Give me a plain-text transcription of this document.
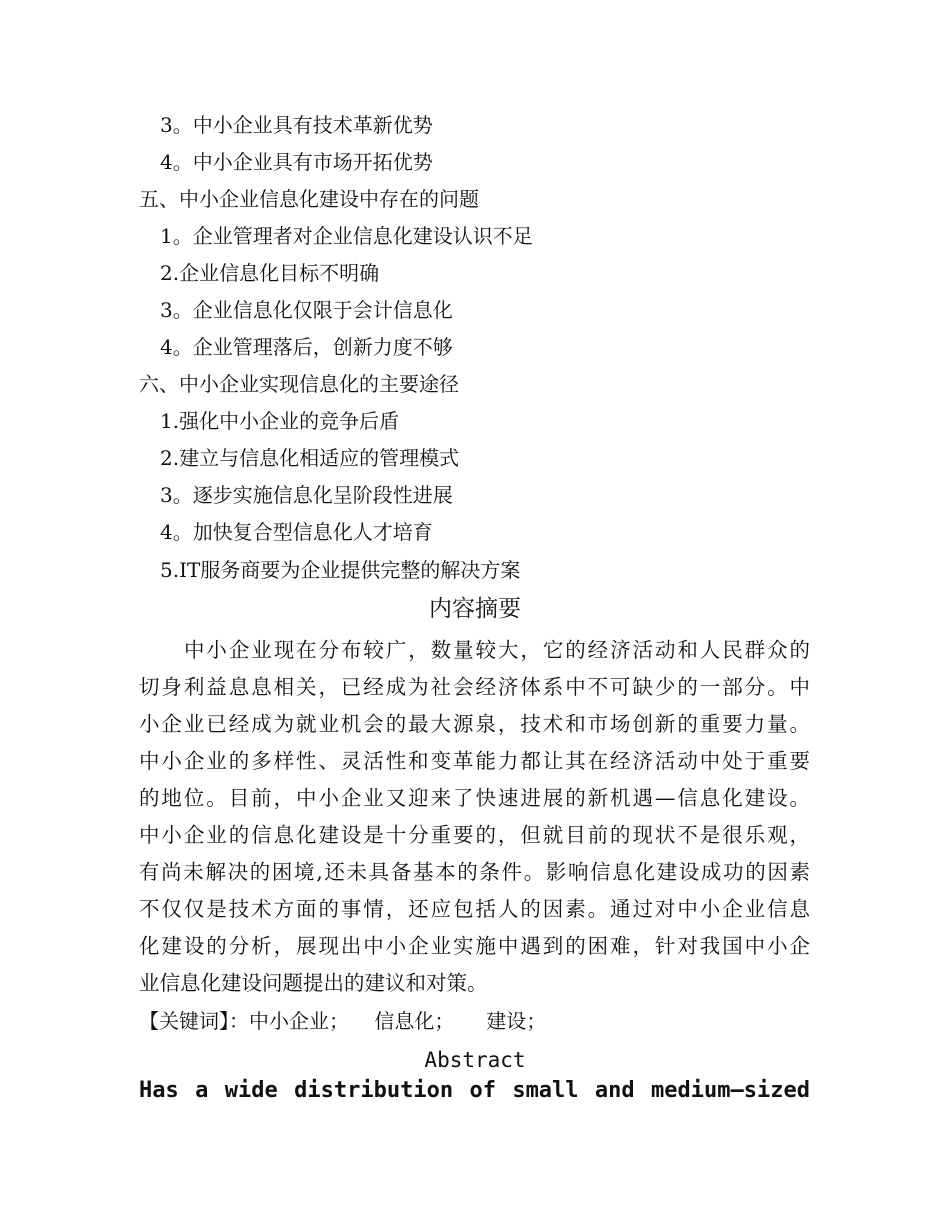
3。中小企业具有技术革新优势
4。中小企业具有市场开拓优势
五、中小企业信息化建设中存在的问题
1。企业管理者对企业信息化建设认识不足
2.企业信息化目标不明确
3。企业信息化仅限于会计信息化
4。企业管理落后，创新力度不够
六、中小企业实现信息化的主要途径
1.强化中小企业的竞争后盾
2.建立与信息化相适应的管理模式
3。逐步实施信息化呈阶段性进展
4。加快复合型信息化人才培育
5.IT服务商要为企业提供完整的解决方案
内容摘要
中小企业现在分布较广，数量较大，它的经济活动和人民群众的
切身利益息息相关，已经成为社会经济体系中不可缺少的一部分。中
小企业已经成为就业机会的最大源泉，技术和市场创新的重要力量。
中小企业的多样性、灵活性和变革能力都让其在经济活动中处于重要
的地位。目前，中小企业又迎来了快速进展的新机遇—信息化建设。
中小企业的信息化建设是十分重要的，但就目前的现状不是很乐观，
有尚未解决的困境,还未具备基本的条件。影响信息化建设成功的因素
不仅仅是技术方面的事情，还应包括人的因素。通过对中小企业信息
化建设的分析，展现出中小企业实施中遇到的困难，针对我国中小企
业信息化建设问题提出的建议和对策。
【关键词】：中小企业；    信息化；     建设；
Abstract
Has a wide distribution of small and medium—sized
